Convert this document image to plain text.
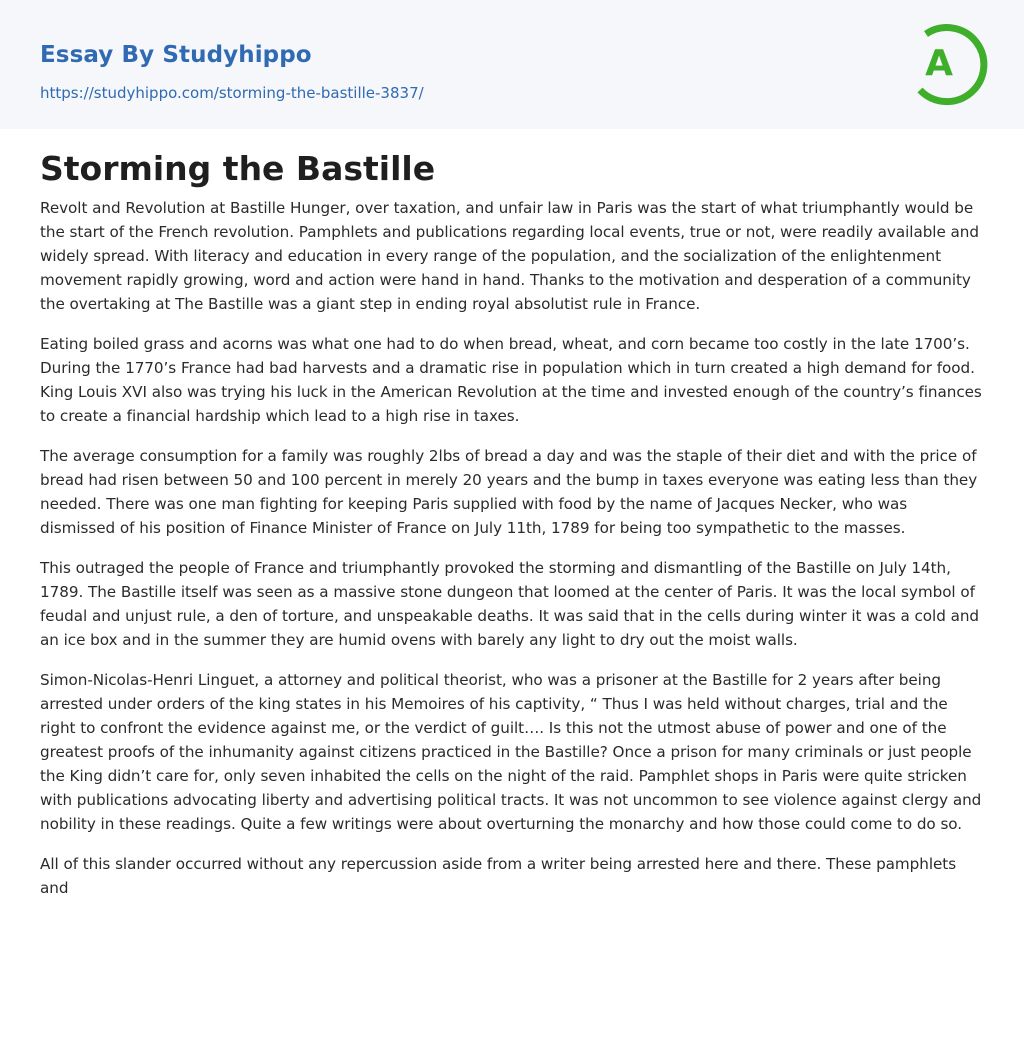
Essay By Studyhippo
https://studyhippo.com/storming-the-bastille-3837/
A
Storming the Bastille

Revolt and Revolution at Bastille Hunger, over taxation, and unfair law in Paris was the start of what triumphantly would be the start of the French revolution. Pamphlets and publications regarding local events, true or not, were readily available and widely spread. With literacy and education in every range of the population, and the socialization of the enlightenment movement rapidly growing, word and action were hand in hand. Thanks to the motivation and desperation of a community the overtaking at The Bastille was a giant step in ending royal absolutist rule in France.

Eating boiled grass and acorns was what one had to do when bread, wheat, and corn became too costly in the late 1700’s. During the 1770’s France had bad harvests and a dramatic rise in population which in turn created a high demand for food. King Louis XVI also was trying his luck in the American Revolution at the time and invested enough of the country’s finances to create a financial hardship which lead to a high rise in taxes.

The average consumption for a family was roughly 2lbs of bread a day and was the staple of their diet and with the price of bread had risen between 50 and 100 percent in merely 20 years and the bump in taxes everyone was eating less than they needed. There was one man fighting for keeping Paris supplied with food by the name of Jacques Necker, who was dismissed of his position of Finance Minister of France on July 11th, 1789 for being too sympathetic to the masses.

This outraged the people of France and triumphantly provoked the storming and dismantling of the Bastille on July 14th, 1789. The Bastille itself was seen as a massive stone dungeon that loomed at the center of Paris. It was the local symbol of feudal and unjust rule, a den of torture, and unspeakable deaths. It was said that in the cells during winter it was a cold and an ice box and in the summer they are humid ovens with barely any light to dry out the moist walls.

Simon-Nicolas-Henri Linguet, a attorney and political theorist, who was a prisoner at the Bastille for 2 years after being arrested under orders of the king states in his Memoires of his captivity, “ Thus I was held without charges, trial and the right to confront the evidence against me, or the verdict of guilt…. Is this not the utmost abuse of power and one of the greatest proofs of the inhumanity against citizens practiced in the Bastille? Once a prison for many criminals or just people the King didn’t care for, only seven inhabited the cells on the night of the raid. Pamphlet shops in Paris were quite stricken with publications advocating liberty and advertising political tracts. It was not uncommon to see violence against clergy and nobility in these readings. Quite a few writings were about overturning the monarchy and how those could come to do so.

All of this slander occurred without any repercussion aside from a writer being arrested here and there. These pamphlets and
